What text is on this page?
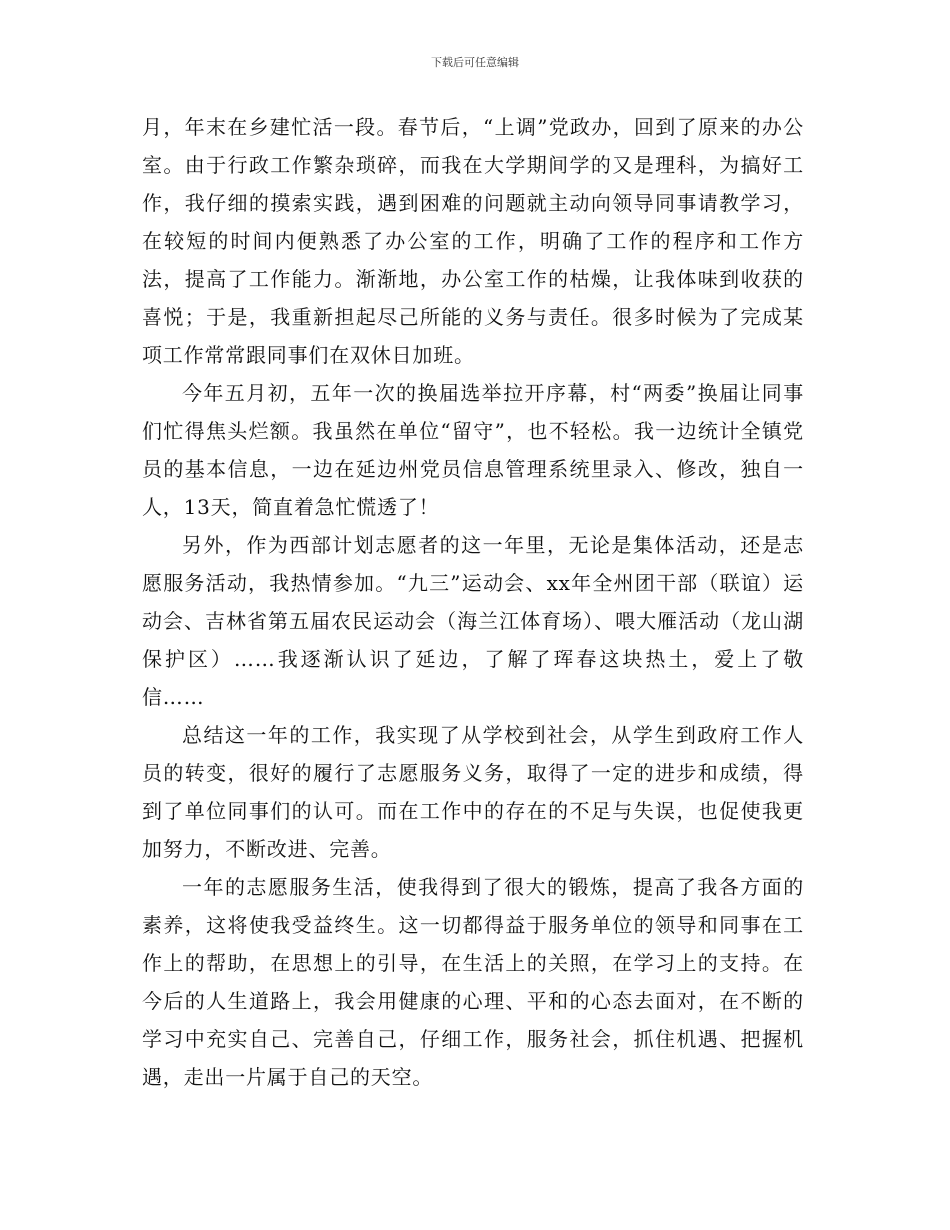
下载后可任意编辑

月，年末在乡建忙活一段。春节后，“上调”党政办，回到了原来的办公室。由于行政工作繁杂琐碎，而我在大学期间学的又是理科，为搞好工作，我仔细的摸索实践，遇到困难的问题就主动向领导同事请教学习，在较短的时间内便熟悉了办公室的工作，明确了工作的程序和工作方法，提高了工作能力。渐渐地，办公室工作的枯燥，让我体味到收获的喜悦；于是，我重新担起尽己所能的义务与责任。很多时候为了完成某项工作常常跟同事们在双休日加班。

今年五月初，五年一次的换届选举拉开序幕，村“两委”换届让同事们忙得焦头烂额。我虽然在单位“留守”，也不轻松。我一边统计全镇党员的基本信息，一边在延边州党员信息管理系统里录入、修改，独自一人，13天，简直着急忙慌透了！

另外，作为西部计划志愿者的这一年里，无论是集体活动，还是志愿服务活动，我热情参加。“九三”运动会、xx年全州团干部（联谊）运动会、吉林省第五届农民运动会（海兰江体育场）、喂大雁活动（龙山湖保护区）……我逐渐认识了延边，了解了珲春这块热土，爱上了敬信……

总结这一年的工作，我实现了从学校到社会，从学生到政府工作人员的转变，很好的履行了志愿服务义务，取得了一定的进步和成绩，得到了单位同事们的认可。而在工作中的存在的不足与失误，也促使我更加努力，不断改进、完善。

一年的志愿服务生活，使我得到了很大的锻炼，提高了我各方面的素养，这将使我受益终生。这一切都得益于服务单位的领导和同事在工作上的帮助，在思想上的引导，在生活上的关照，在学习上的支持。在今后的人生道路上，我会用健康的心理、平和的心态去面对，在不断的学习中充实自己、完善自己，仔细工作，服务社会，抓住机遇、把握机遇，走出一片属于自己的天空。
